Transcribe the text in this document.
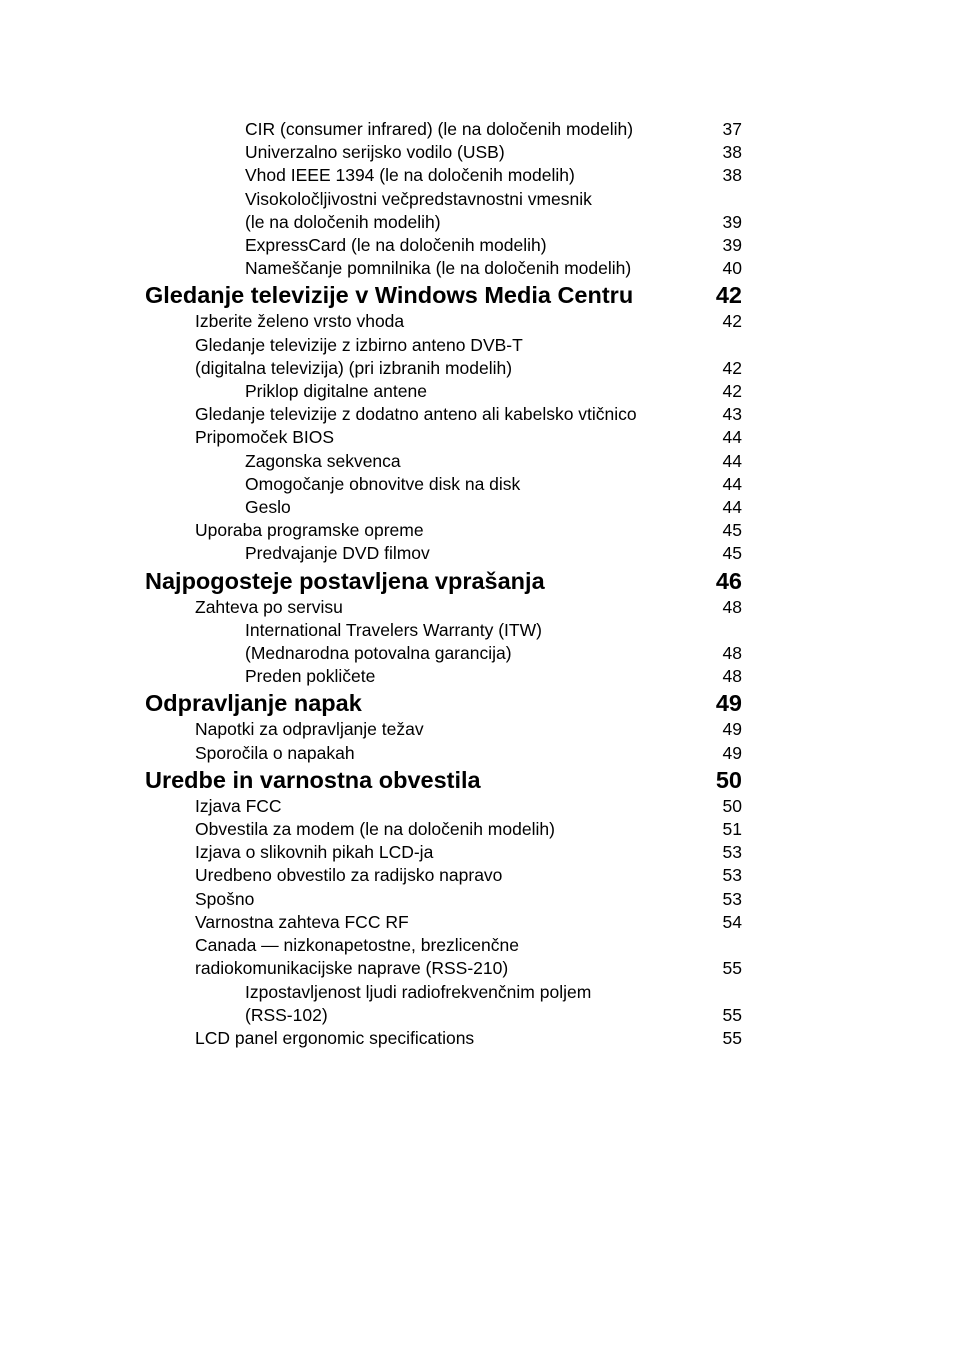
CIR (consumer infrared) (le na določenih modelih)	37
Univerzalno serijsko vodilo (USB)	38
Vhod IEEE 1394 (le na določenih modelih)	38
Visokoločljivostni večpredstavnostni vmesnik
(le na določenih modelih)	39
ExpressCard (le na določenih modelih)	39
Nameščanje pomnilnika (le na določenih modelih)	40
Gledanje televizije v Windows Media Centru	42
Izberite želeno vrsto vhoda	42
Gledanje televizije z izbirno anteno DVB-T
(digitalna televizija) (pri izbranih modelih)	42
Priklop digitalne antene	42
Gledanje televizije z dodatno anteno ali kabelsko vtičnico	43
Pripomoček BIOS	44
Zagonska sekvenca	44
Omogočanje obnovitve disk na disk	44
Geslo	44
Uporaba programske opreme	45
Predvajanje DVD filmov	45
Najpogosteje postavljena vprašanja	46
Zahteva po servisu	48
International Travelers Warranty (ITW)
(Mednarodna potovalna garancija)	48
Preden pokličete	48
Odpravljanje napak	49
Napotki za odpravljanje težav	49
Sporočila o napakah	49
Uredbe in varnostna obvestila	50
Izjava FCC	50
Obvestila za modem (le na določenih modelih)	51
Izjava o slikovnih pikah LCD-ja	53
Uredbeno obvestilo za radijsko napravo	53
Spošno	53
Varnostna zahteva FCC RF	54
Canada — nizkonapetostne, brezlicenčne
radiokomunikacijske naprave (RSS-210)	55
Izpostavljenost ljudi radiofrekvenčnim poljem
(RSS-102)	55
LCD panel ergonomic specifications	55
